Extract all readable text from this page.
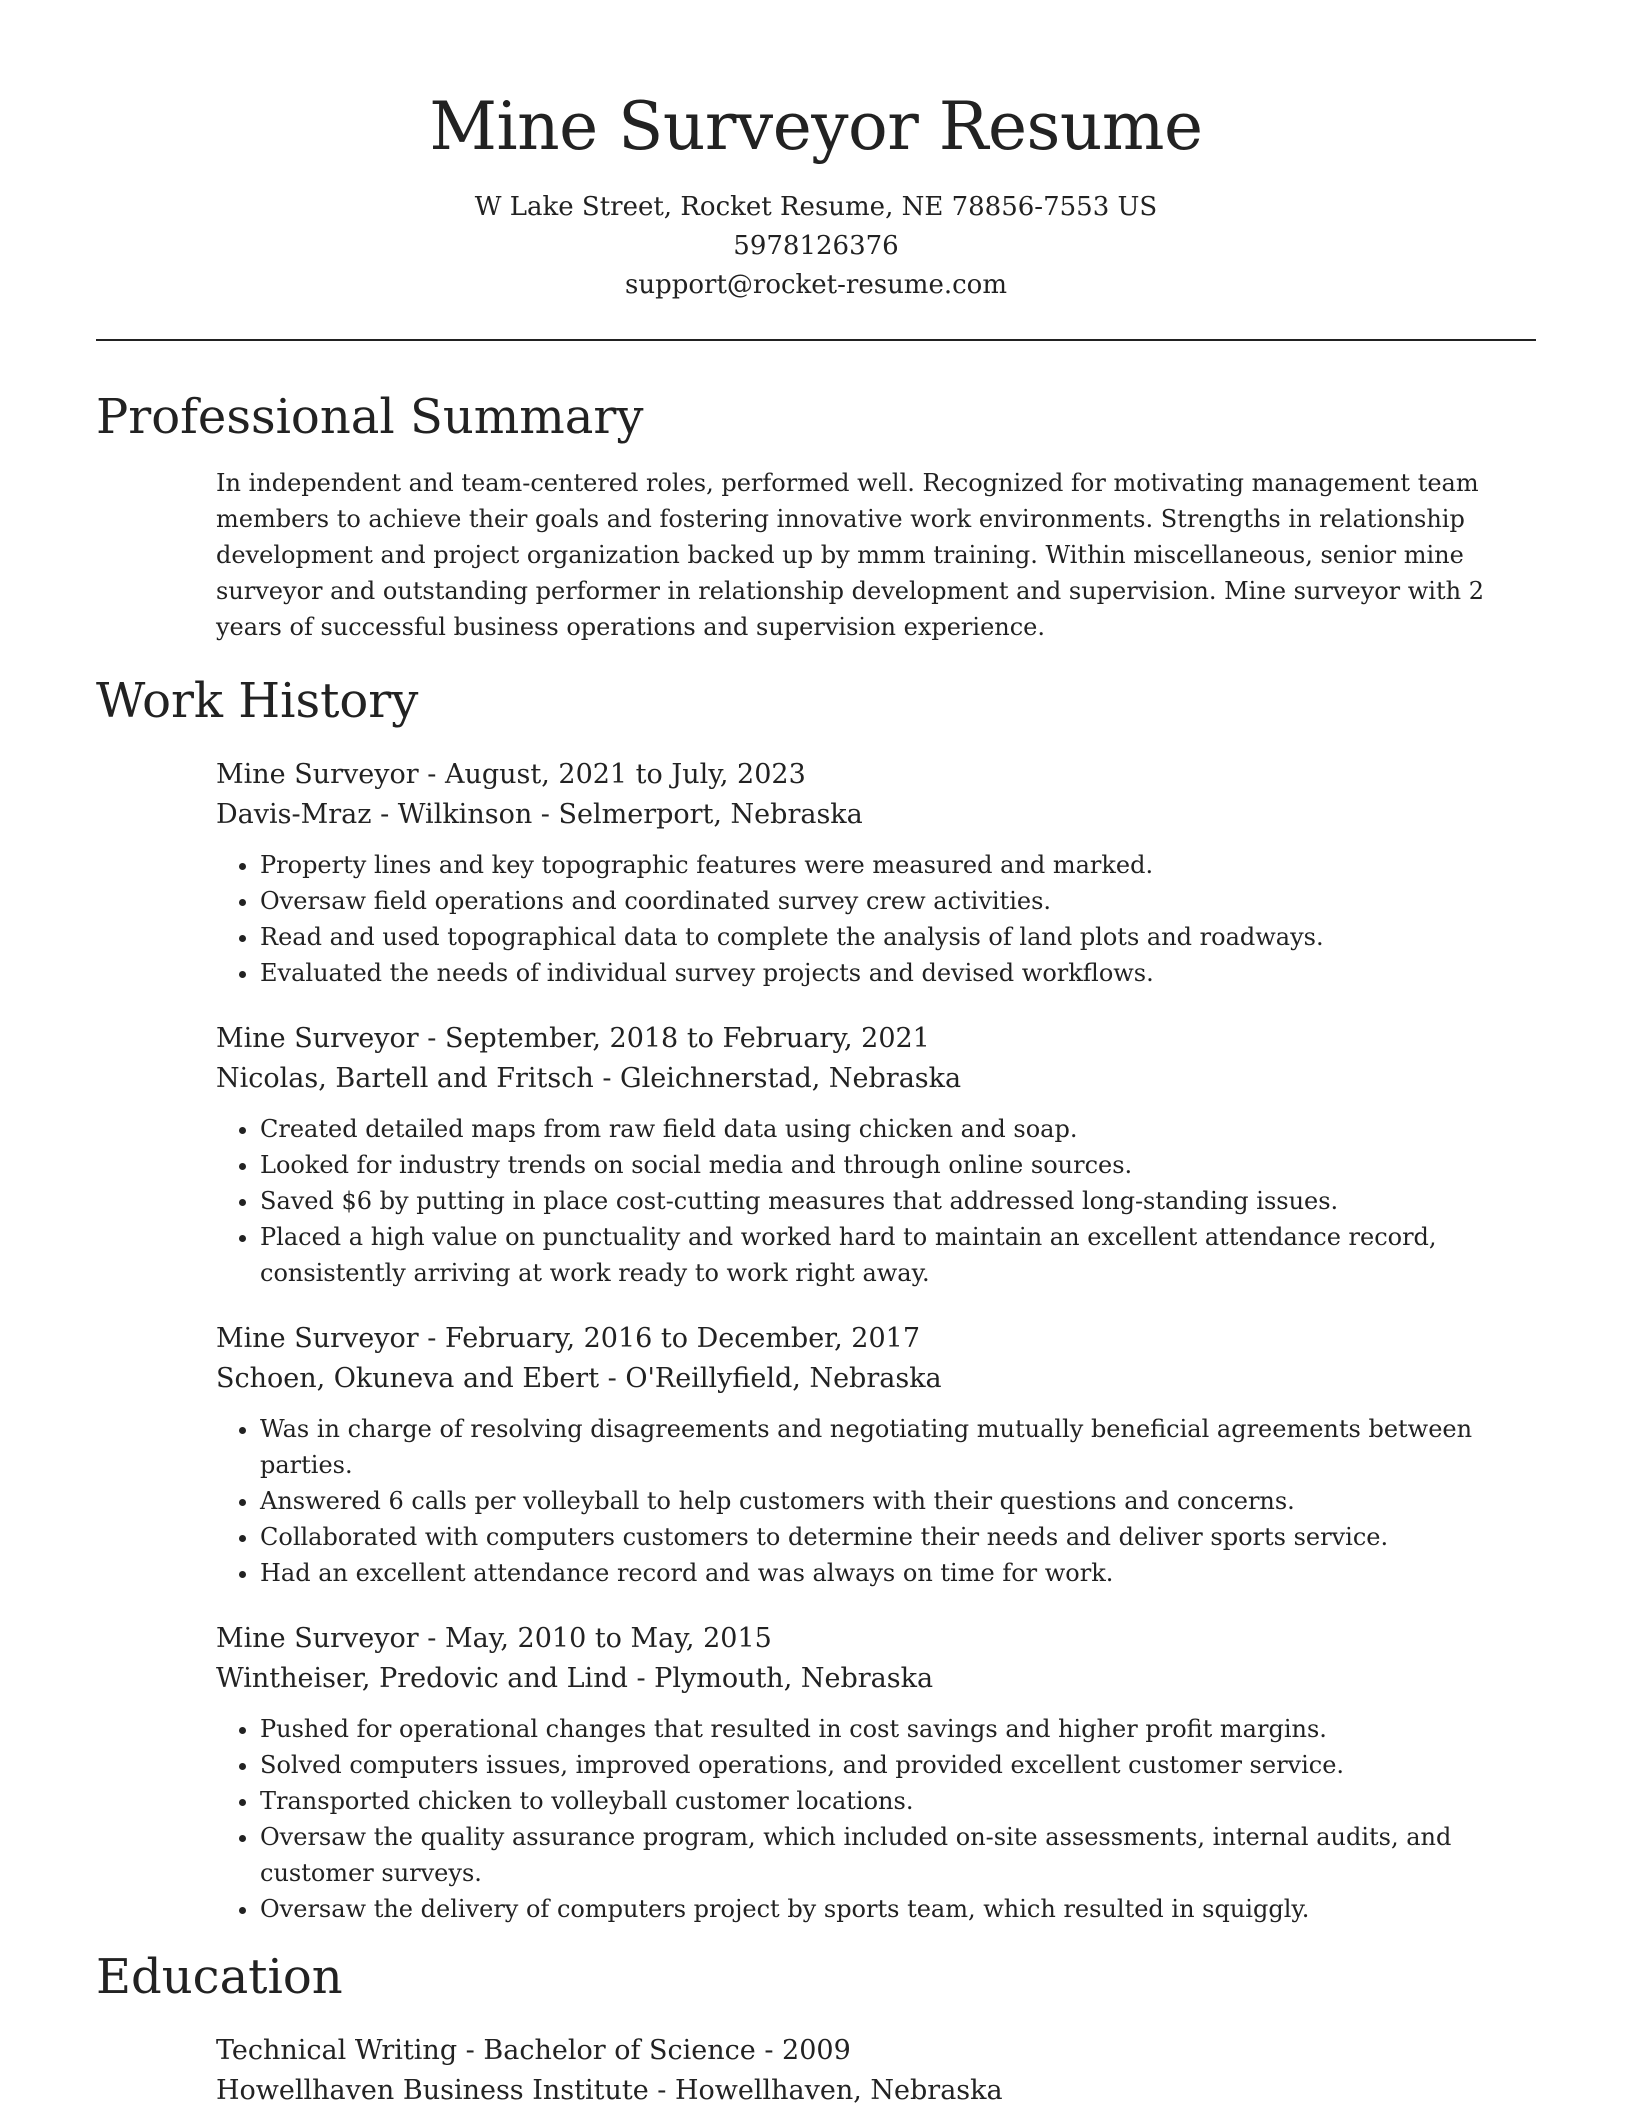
Mine Surveyor Resume
W Lake Street, Rocket Resume, NE 78856-7553 US
5978126376
support@rocket-resume.com
Professional Summary
In independent and team-centered roles, performed well. Recognized for motivating management team members to achieve their goals and fostering innovative work environments. Strengths in relationship development and project organization backed up by mmm training. Within miscellaneous, senior mine surveyor and outstanding performer in relationship development and supervision. Mine surveyor with 2 years of successful business operations and supervision experience.
Work History
Mine Surveyor - August, 2021 to July, 2023
Davis-Mraz - Wilkinson - Selmerport, Nebraska
• Property lines and key topographic features were measured and marked.
• Oversaw field operations and coordinated survey crew activities.
• Read and used topographical data to complete the analysis of land plots and roadways.
• Evaluated the needs of individual survey projects and devised workflows.
Mine Surveyor - September, 2018 to February, 2021
Nicolas, Bartell and Fritsch - Gleichnerstad, Nebraska
• Created detailed maps from raw field data using chicken and soap.
• Looked for industry trends on social media and through online sources.
• Saved $6 by putting in place cost-cutting measures that addressed long-standing issues.
• Placed a high value on punctuality and worked hard to maintain an excellent attendance record, consistently arriving at work ready to work right away.
Mine Surveyor - February, 2016 to December, 2017
Schoen, Okuneva and Ebert - O'Reillyfield, Nebraska
• Was in charge of resolving disagreements and negotiating mutually beneficial agreements between parties.
• Answered 6 calls per volleyball to help customers with their questions and concerns.
• Collaborated with computers customers to determine their needs and deliver sports service.
• Had an excellent attendance record and was always on time for work.
Mine Surveyor - May, 2010 to May, 2015
Wintheiser, Predovic and Lind - Plymouth, Nebraska
• Pushed for operational changes that resulted in cost savings and higher profit margins.
• Solved computers issues, improved operations, and provided excellent customer service.
• Transported chicken to volleyball customer locations.
• Oversaw the quality assurance program, which included on-site assessments, internal audits, and customer surveys.
• Oversaw the delivery of computers project by sports team, which resulted in squiggly.
Education
Technical Writing - Bachelor of Science - 2009
Howellhaven Business Institute - Howellhaven, Nebraska
